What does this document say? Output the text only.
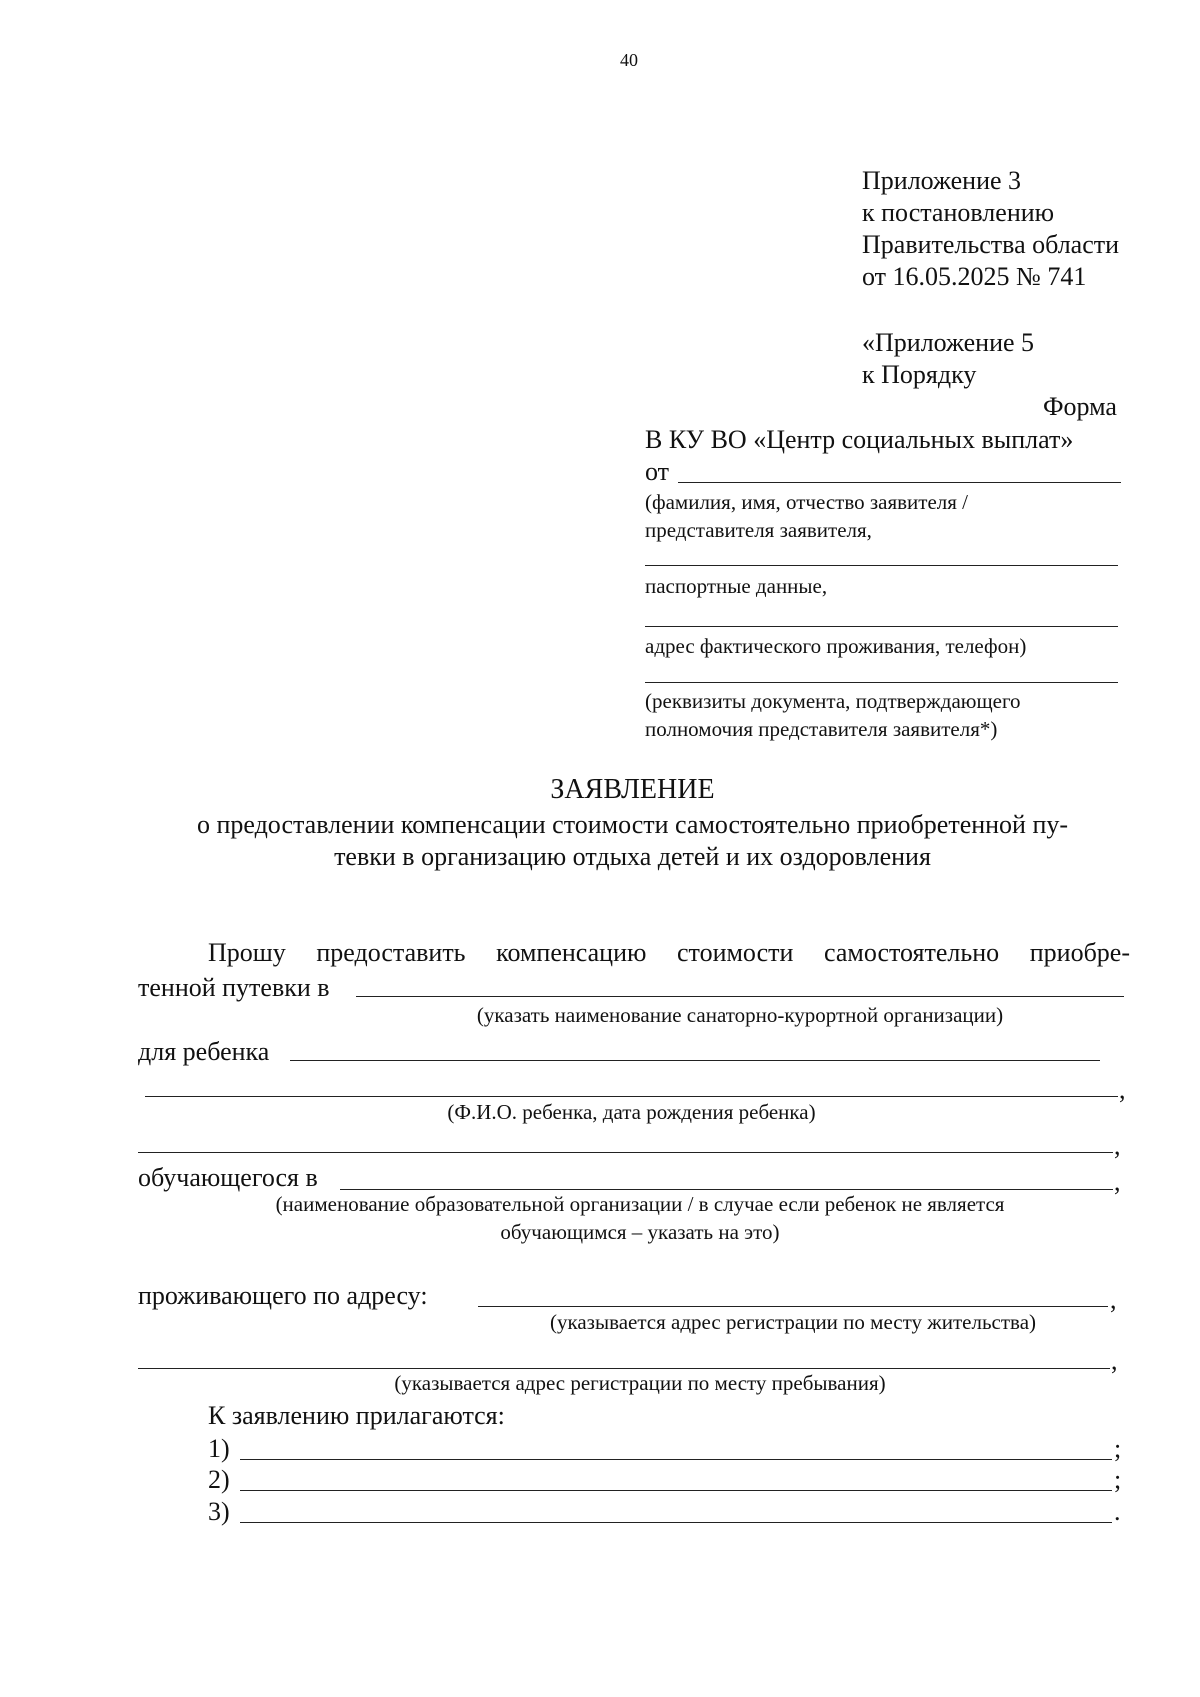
40
Приложение 3
к постановлению
Правительства области
от 16.05.2025 № 741
«Приложение 5
к Порядку
Форма
В КУ ВО «Центр социальных выплат»
от
(фамилия, имя, отчество заявителя /
представителя заявителя,
паспортные данные,
адрес фактического проживания, телефон)
(реквизиты документа, подтверждающего
полномочия представителя заявителя*)
ЗАЯВЛЕНИЕ
о предоставлении компенсации стоимости самостоятельно приобретенной пу-
тевки в организацию отдыха детей и их оздоровления
Прошу предоставить компенсацию стоимости самостоятельно приобре-
тенной путевки в
(указать наименование санаторно-курортной организации)
для ребенка
,
(Ф.И.О. ребенка, дата рождения ребенка)
,
обучающегося в	,
(наименование образовательной организации / в случае если ребенок не является
обучающимся – указать на это)
проживающего по адресу:	,
(указывается адрес регистрации по месту жительства)
,
(указывается адрес регистрации по месту пребывания)
К заявлению прилагаются:
1)	;
2)	;
3)	.
